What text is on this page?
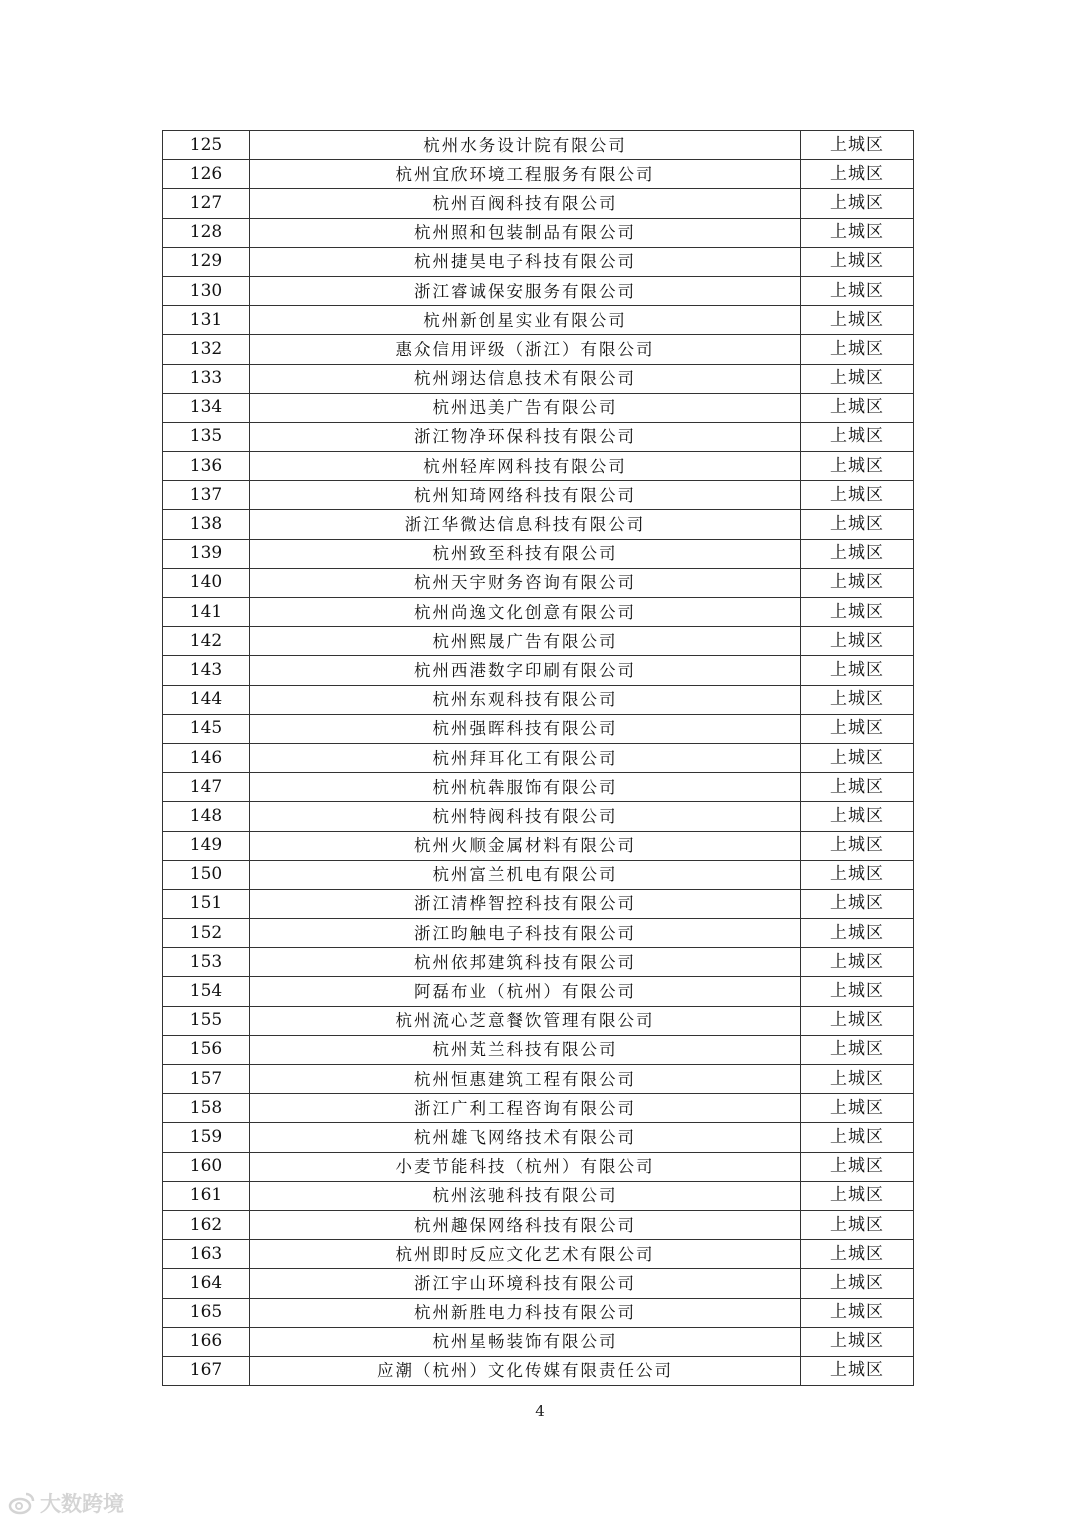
125	杭州水务设计院有限公司	上城区
126	杭州宜欣环境工程服务有限公司	上城区
127	杭州百阀科技有限公司	上城区
128	杭州照和包装制品有限公司	上城区
129	杭州捷昊电子科技有限公司	上城区
130	浙江睿诚保安服务有限公司	上城区
131	杭州新创星实业有限公司	上城区
132	惠众信用评级（浙江）有限公司	上城区
133	杭州翊达信息技术有限公司	上城区
134	杭州迅美广告有限公司	上城区
135	浙江物净环保科技有限公司	上城区
136	杭州轻库网科技有限公司	上城区
137	杭州知琦网络科技有限公司	上城区
138	浙江华微达信息科技有限公司	上城区
139	杭州致至科技有限公司	上城区
140	杭州天宇财务咨询有限公司	上城区
141	杭州尚逸文化创意有限公司	上城区
142	杭州熙晟广告有限公司	上城区
143	杭州西港数字印刷有限公司	上城区
144	杭州东观科技有限公司	上城区
145	杭州强晖科技有限公司	上城区
146	杭州拜耳化工有限公司	上城区
147	杭州杭犇服饰有限公司	上城区
148	杭州特阀科技有限公司	上城区
149	杭州火顺金属材料有限公司	上城区
150	杭州富兰机电有限公司	上城区
151	浙江清桦智控科技有限公司	上城区
152	浙江昀触电子科技有限公司	上城区
153	杭州依邦建筑科技有限公司	上城区
154	阿磊布业（杭州）有限公司	上城区
155	杭州流心芝意餐饮管理有限公司	上城区
156	杭州芄兰科技有限公司	上城区
157	杭州恒惠建筑工程有限公司	上城区
158	浙江广利工程咨询有限公司	上城区
159	杭州雄飞网络技术有限公司	上城区
160	小麦节能科技（杭州）有限公司	上城区
161	杭州泫驰科技有限公司	上城区
162	杭州趣保网络科技有限公司	上城区
163	杭州即时反应文化艺术有限公司	上城区
164	浙江宇山环境科技有限公司	上城区
165	杭州新胜电力科技有限公司	上城区
166	杭州星畅装饰有限公司	上城区
167	应潮（杭州）文化传媒有限责任公司	上城区
4
大数跨境
